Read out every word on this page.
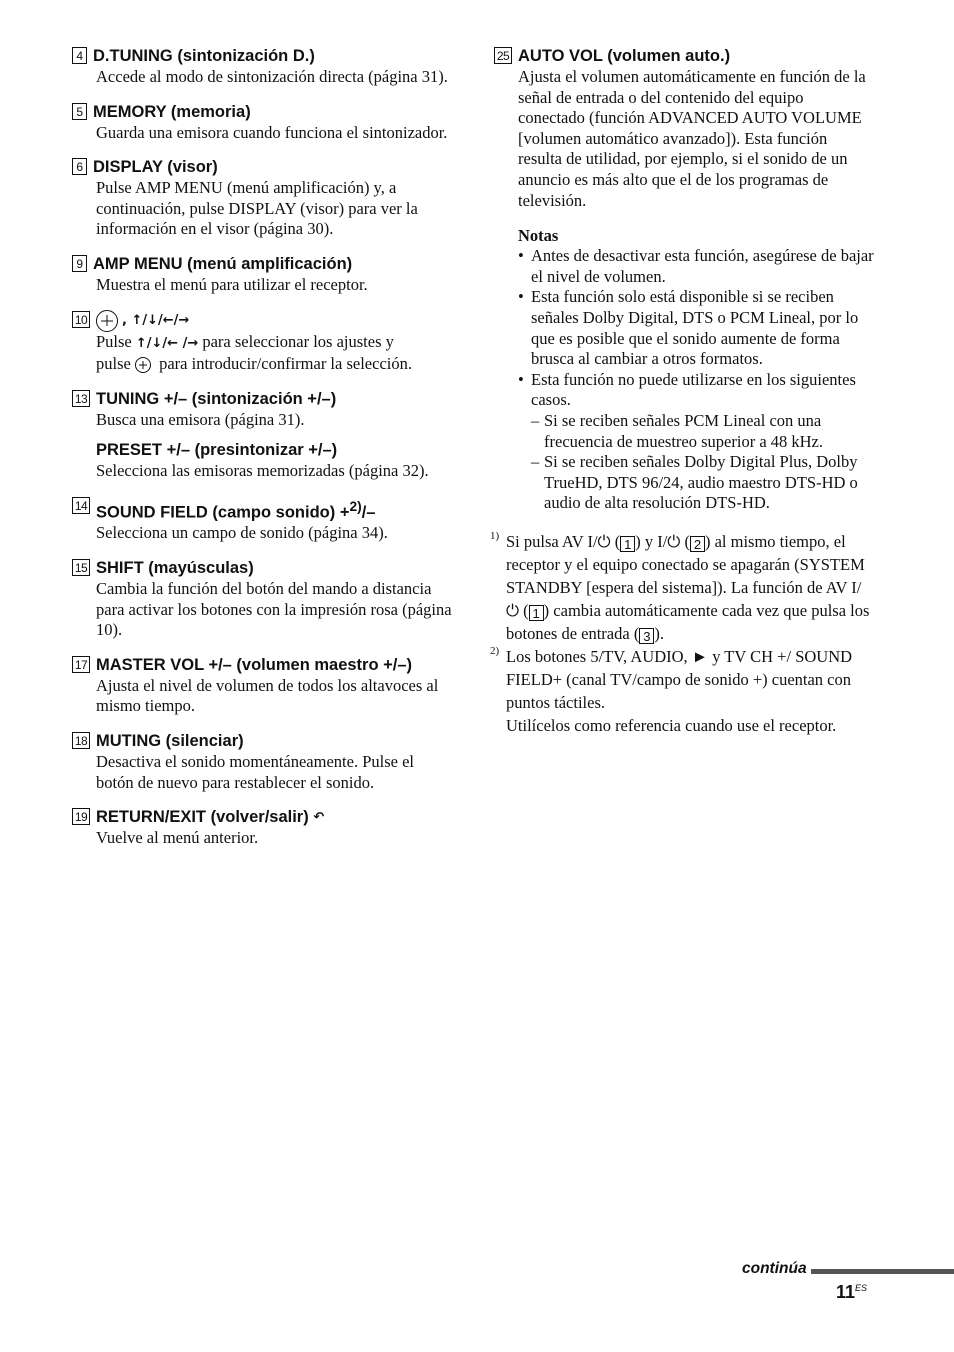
4 D.TUNING (sintonización D.)
Accede al modo de sintonización directa (página 31).
5 MEMORY (memoria)
Guarda una emisora cuando funciona el sintonizador.
6 DISPLAY (visor)
Pulse AMP MENU (menú amplificación) y, a continuación, pulse DISPLAY (visor) para ver la información en el visor (página 30).
9 AMP MENU (menú amplificación)
Muestra el menú para utilizar el receptor.
10	, ↑/↓/←/→
Pulse ↑/↓/← /→ para seleccionar los ajustes y
pulse para introducir/confirmar la selección.
13 TUNING +/– (sintonización +/–)
Busca una emisora (página 31).
PRESET +/– (presintonizar +/–)
Selecciona las emisoras memorizadas (página 32).
14 SOUND FIELD (campo sonido) +$^{2)}$/–
Selecciona un campo de sonido (página 34).
15 SHIFT (mayúsculas)
Cambia la función del botón del mando a distancia para activar los botones con la impresión rosa (página 10).
17 MASTER VOL +/– (volumen maestro +/–)
Ajusta el nivel de volumen de todos los altavoces al mismo tiempo.
18 MUTING (silenciar)
Desactiva el sonido momentáneamente. Pulse el botón de nuevo para restablecer el sonido.
19 RETURN/EXIT (volver/salir)
↶
Vuelve al menú anterior.
25 AUTO VOL (volumen auto.)
Ajusta el volumen automáticamente en función de la señal de entrada o del contenido del equipo conectado (función ADVANCED AUTO VOLUME [volumen automático avanzado]). Esta función resulta de utilidad, por ejemplo, si el sonido de un anuncio es más alto que el de los programas de televisión.
Notas
• Antes de desactivar esta función, asegúrese de bajar el nivel de volumen.
• Esta función solo está disponible si se reciben señales Dolby Digital, DTS o PCM Lineal, por lo que es posible que el sonido aumente de forma brusca al cambiar a otros formatos.
• Esta función no puede utilizarse en los siguientes casos.
– Si se reciben señales PCM Lineal con una frecuencia de muestreo superior a 48 kHz.
– Si se reciben señales Dolby Digital Plus, Dolby TrueHD, DTS 96/24, audio maestro DTS-HD o audio de alta resolución DTS-HD.
1) Si pulsa AV I/⏻ ( 1 ) y I/⏻ ( 2 ) al mismo tiempo, el receptor y el equipo conectado se apagarán (SYSTEM STANDBY [espera del sistema]). La función de AV I/⏻ ( 1 ) cambia automáticamente cada vez que pulsa los botones de entrada ( 3 ).
2) Los botones 5/TV, AUDIO, ► y TV CH +/ SOUND FIELD+ (canal TV/campo de sonido +) cuentan con puntos táctiles.
Utilícelos como referencia cuando use el receptor.
continúa
$11^{ES}$
